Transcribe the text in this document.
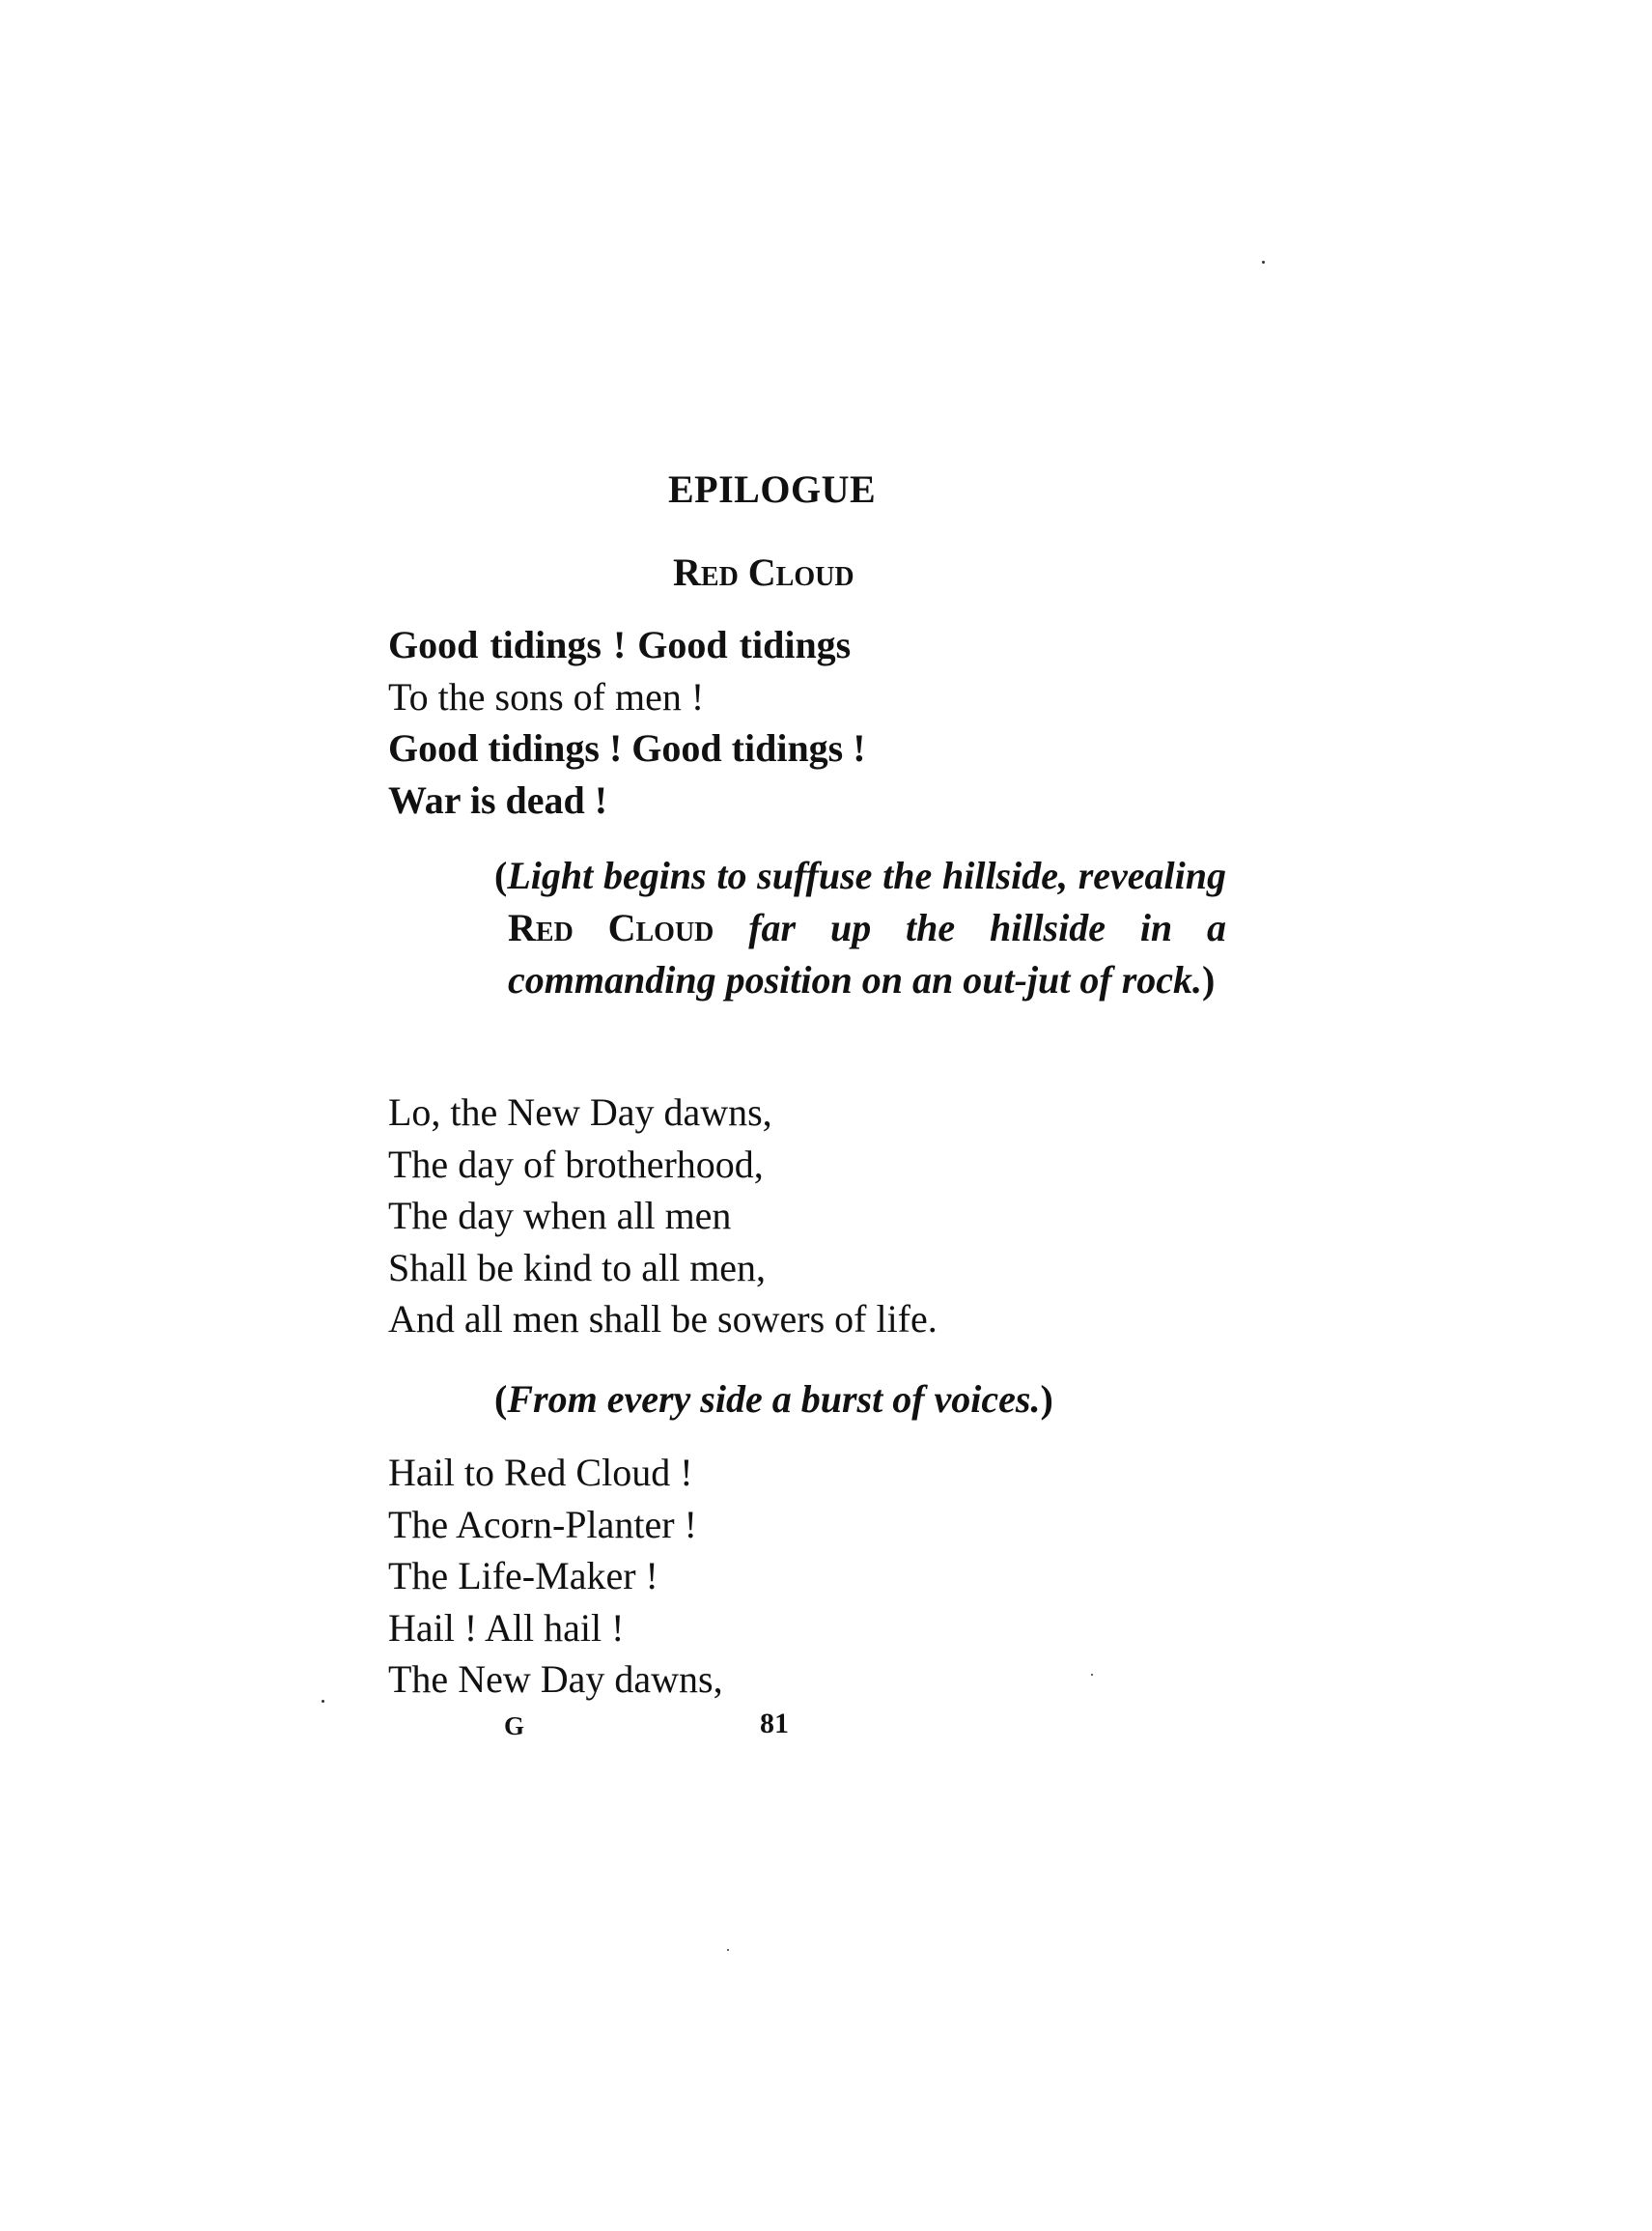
EPILOGUE
Red Cloud
Good tidings ! Good tidings
To the sons of men !
Good tidings ! Good tidings !
War is dead !
(Light begins to suffuse the hillside, revealing Red Cloud far up the hillside in a commanding position on an out-jut of rock.)
Lo, the New Day dawns,
The day of brotherhood,
The day when all men
Shall be kind to all men,
And all men shall be sowers of life.
(From every side a burst of voices.)
Hail to Red Cloud !
The Acorn-Planter !
The Life-Maker !
Hail ! All hail !
The New Day dawns,
G	81
